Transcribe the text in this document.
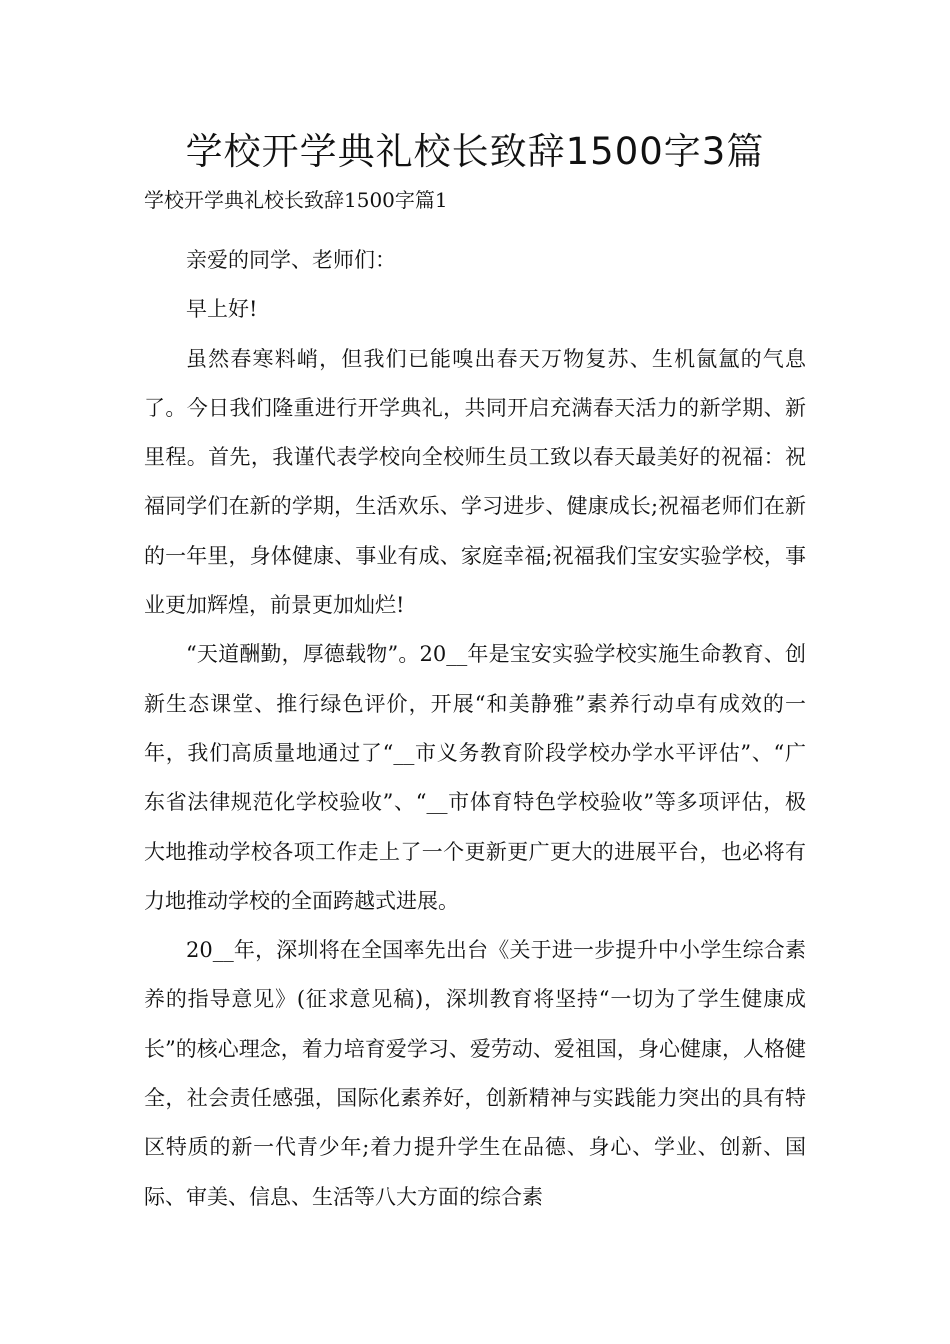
学校开学典礼校长致辞1500字3篇
学校开学典礼校长致辞1500字篇1

亲爱的同学、老师们：

早上好!

虽然春寒料峭，但我们已能嗅出春天万物复苏、生机氤氲的气息了。今日我们隆重进行开学典礼，共同开启充满春天活力的新学期、新里程。首先，我谨代表学校向全校师生员工致以春天最美好的祝福：祝福同学们在新的学期，生活欢乐、学习进步、健康成长;祝福老师们在新的一年里，身体健康、事业有成、家庭幸福;祝福我们宝安实验学校，事业更加辉煌，前景更加灿烂!

“天道酬勤，厚德载物”。20__年是宝安实验学校实施生命教育、创新生态课堂、推行绿色评价，开展“和美静雅”素养行动卓有成效的一年，我们高质量地通过了“__市义务教育阶段学校办学水平评估”、“广东省法律规范化学校验收”、“__市体育特色学校验收”等多项评估，极大地推动学校各项工作走上了一个更新更广更大的进展平台，也必将有力地推动学校的全面跨越式进展。

20__年，深圳将在全国率先出台《关于进一步提升中小学生综合素养的指导意见》(征求意见稿)，深圳教育将坚持“一切为了学生健康成长”的核心理念，着力培育爱学习、爱劳动、爱祖国，身心健康，人格健全，社会责任感强，国际化素养好，创新精神与实践能力突出的具有特区特质的新一代青少年;着力提升学生在品德、身心、学业、创新、国际、审美、信息、生活等八大方面的综合素
